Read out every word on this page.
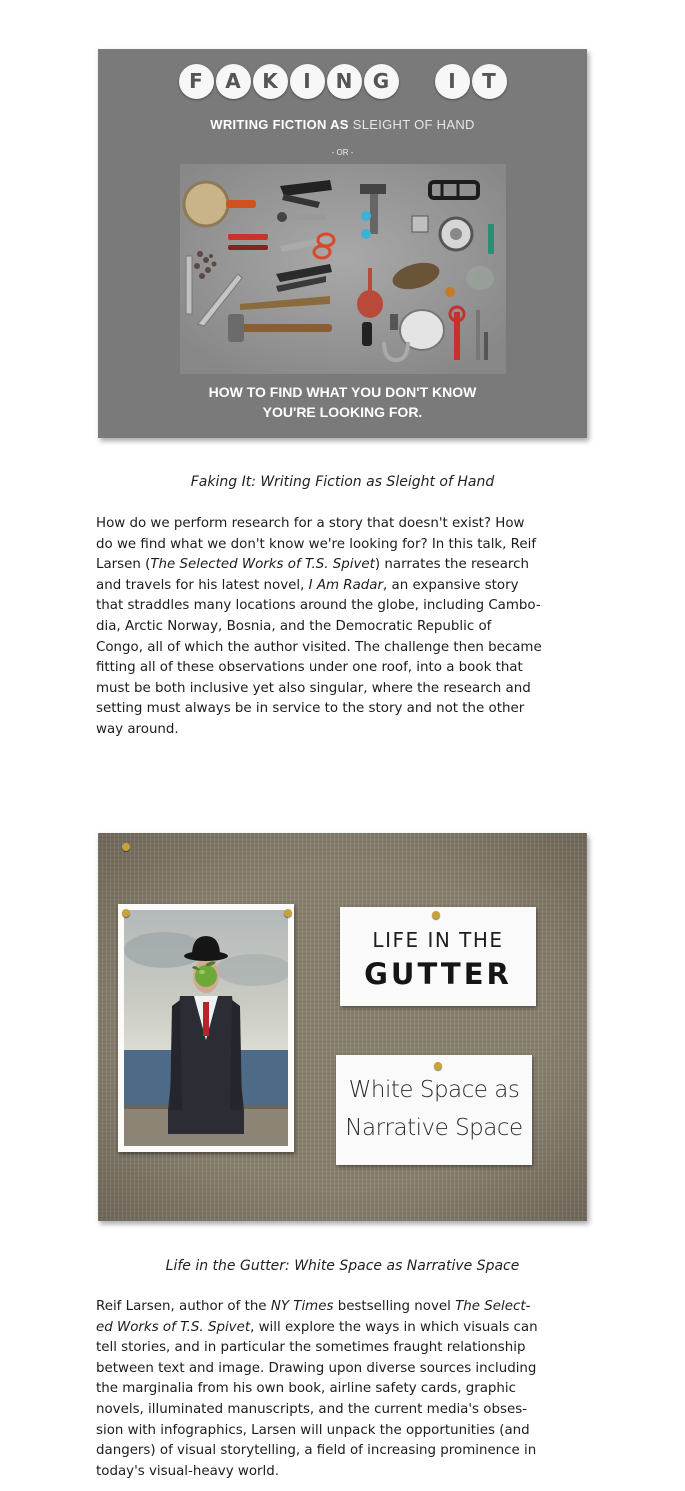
F A K I N G	I T
WRITING FICTION AS SLEIGHT OF HAND
- OR -
HOW TO FIND WHAT YOU DON'T KNOW
YOU'RE LOOKING FOR.
Faking It: Writing Fiction as Sleight of Hand
How do we perform research for a story that doesn't exist? How
do we find what we don't know we're looking for? In this talk, Reif
Larsen (The Selected Works of T.S. Spivet) narrates the research
and travels for his latest novel, I Am Radar, an expansive story
that straddles many locations around the globe, including Cambo-
dia, Arctic Norway, Bosnia, and the Democratic Republic of
Congo, all of which the author visited. The challenge then became
fitting all of these observations under one roof, into a book that
must be both inclusive yet also singular, where the research and
setting must always be in service to the story and not the other
way around.
LIFE IN THE
GUTTER
White Space as
Narrative Space
Life in the Gutter: White Space as Narrative Space
Reif Larsen, author of the NY Times bestselling novel The Select-
ed Works of T.S. Spivet, will explore the ways in which visuals can
tell stories, and in particular the sometimes fraught relationship
between text and image. Drawing upon diverse sources including
the marginalia from his own book, airline safety cards, graphic
novels, illuminated manuscripts, and the current media's obses-
sion with infographics, Larsen will unpack the opportunities (and
dangers) of visual storytelling, a field of increasing prominence in
today's visual-heavy world.
